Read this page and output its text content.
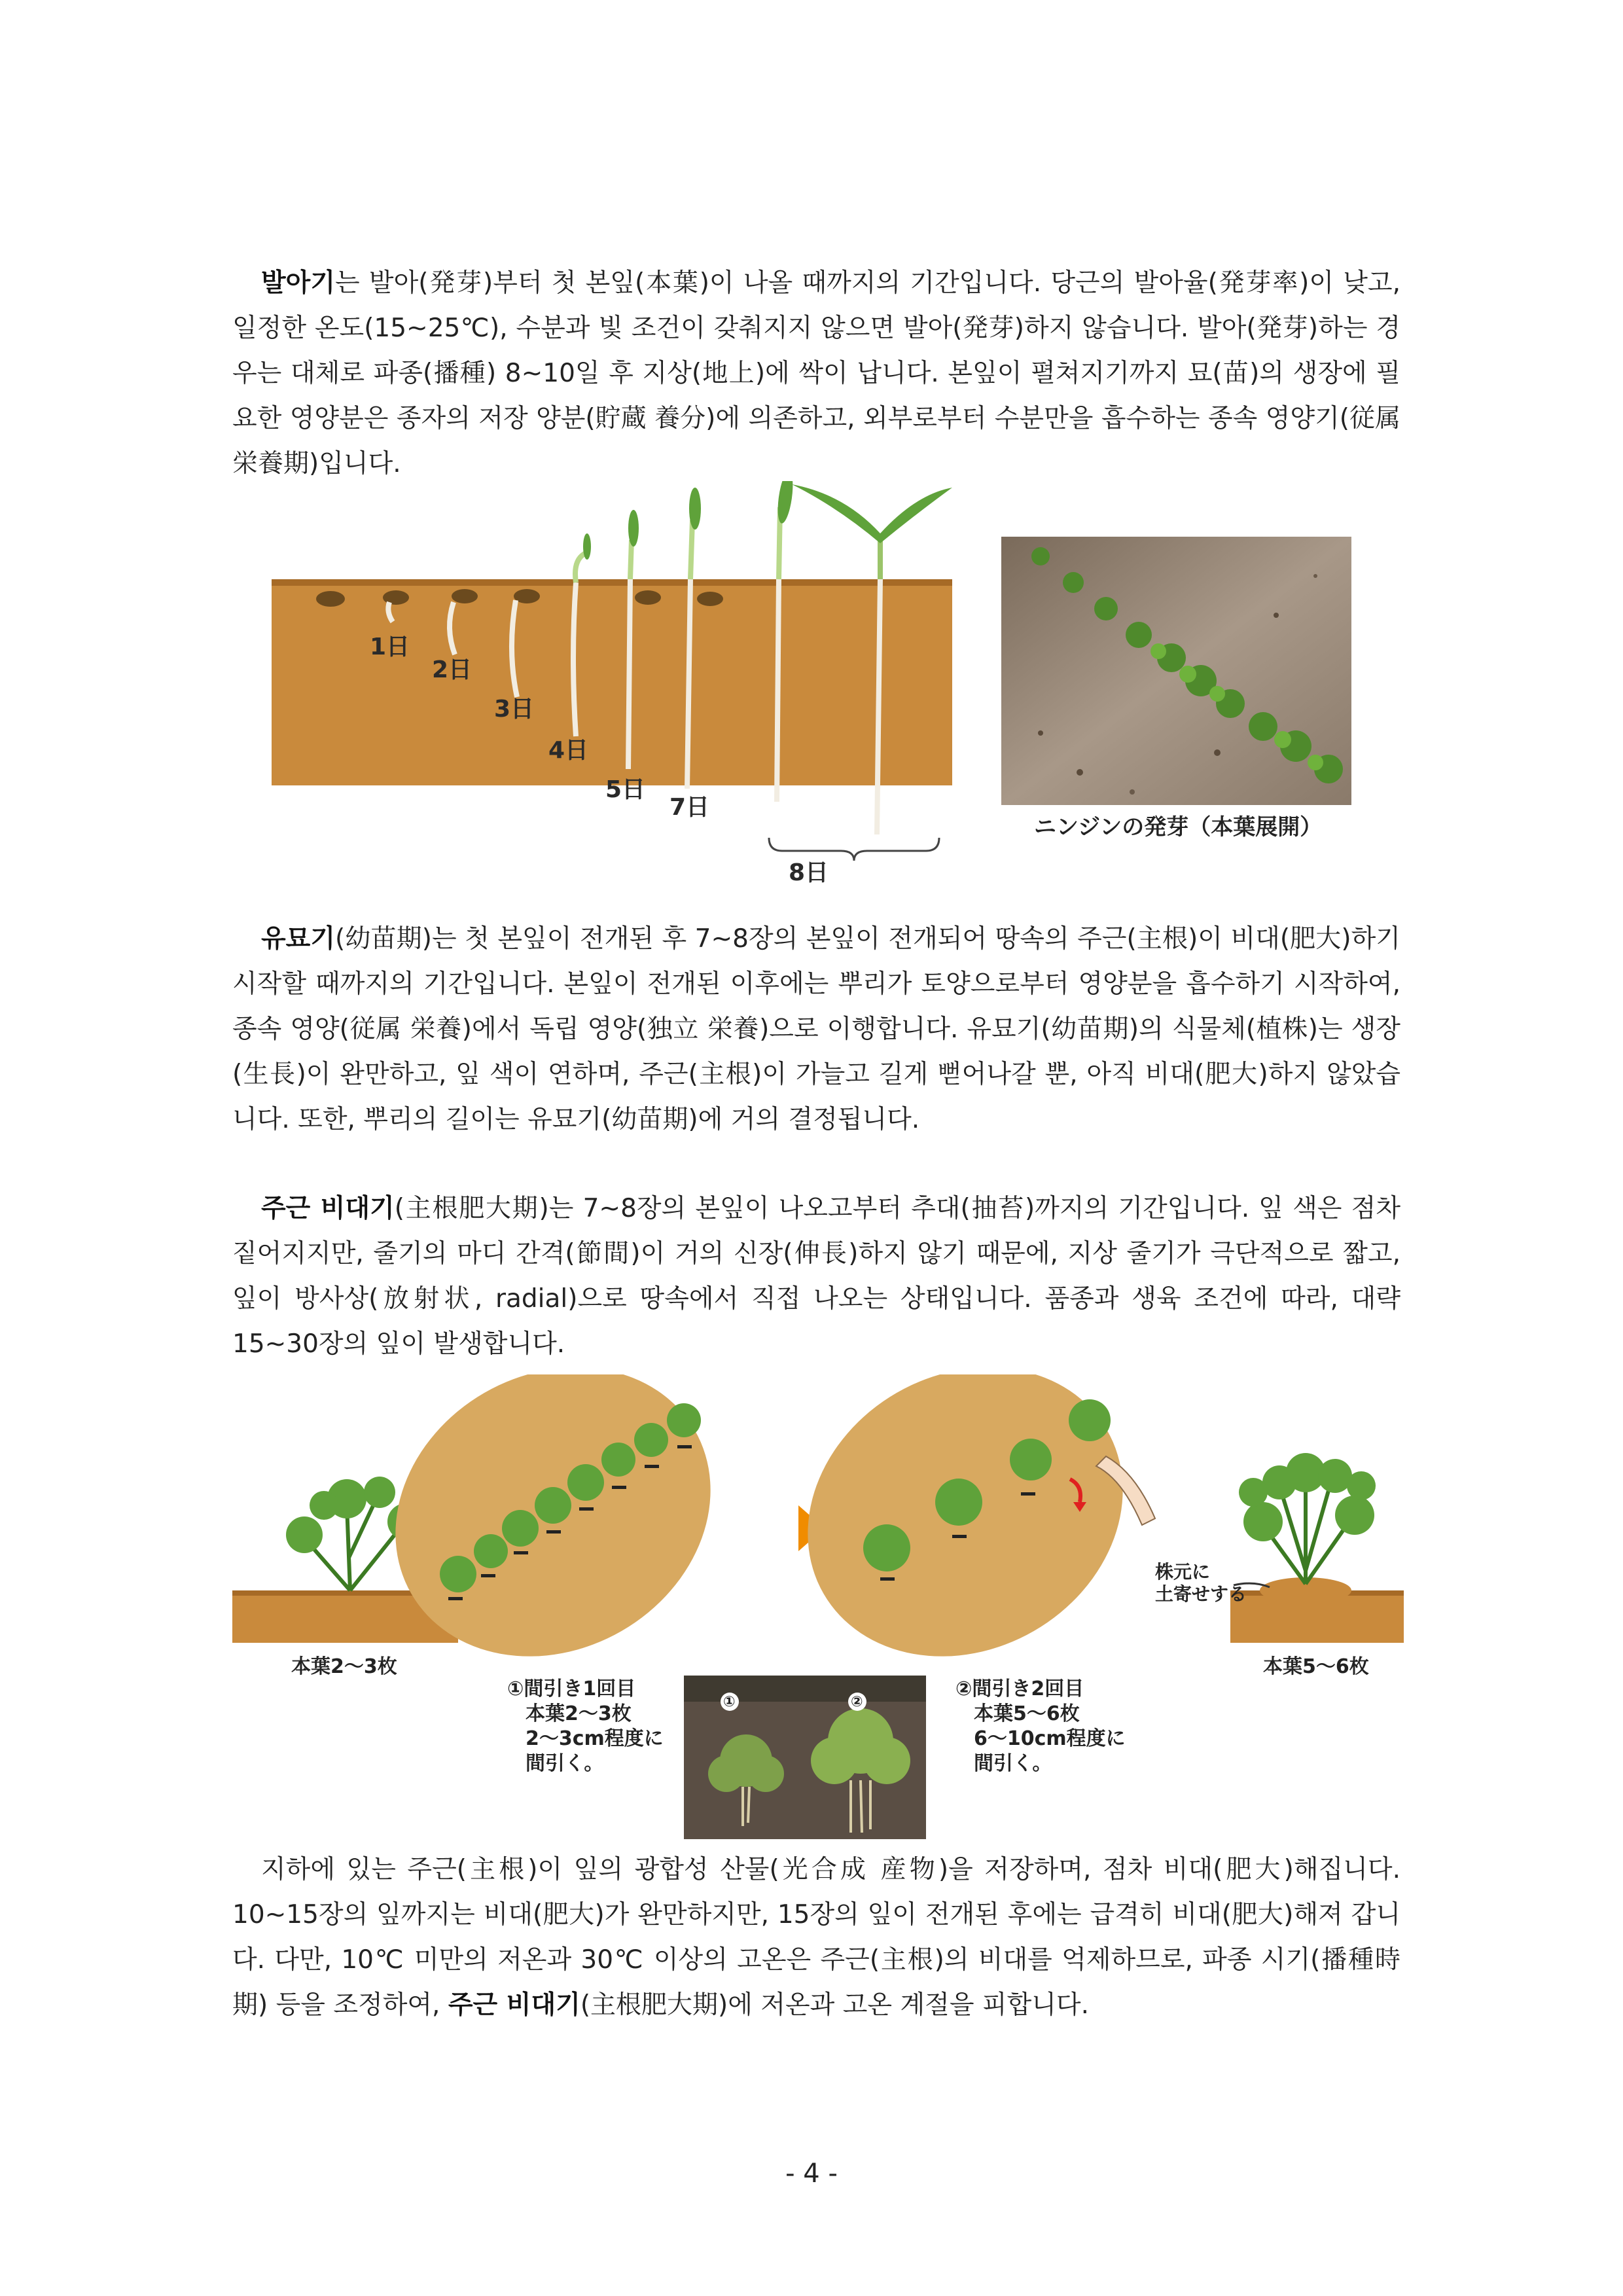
발아기는 발아(発芽)부터 첫 본잎(本葉)이 나올 때까지의 기간입니다. 당근의 발아율(発芽率)이 낮고, 일정한 온도(15~25℃), 수분과 빛 조건이 갖춰지지 않으면 발아(発芽)하지 않습니다. 발아(発芽)하는 경우는 대체로 파종(播種) 8~10일 후 지상(地上)에 싹이 납니다. 본잎이 펼쳐지기까지 묘(苗)의 생장에 필요한 영양분은 종자의 저장 양분(貯蔵 養分)에 의존하고, 외부로부터 수분만을 흡수하는 종속 영양기(従属 栄養期)입니다.

1日
2日
3日
4日
5日
7日
8日
ニンジンの発芽（本葉展開）

유묘기(幼苗期)는 첫 본잎이 전개된 후 7~8장의 본잎이 전개되어 땅속의 주근(主根)이 비대(肥大)하기 시작할 때까지의 기간입니다. 본잎이 전개된 이후에는 뿌리가 토양으로부터 영양분을 흡수하기 시작하여, 종속 영양(従属 栄養)에서 독립 영양(独立 栄養)으로 이행합니다. 유묘기(幼苗期)의 식물체(植株)는 생장(生長)이 완만하고, 잎 색이 연하며, 주근(主根)이 가늘고 길게 뻗어나갈 뿐, 아직 비대(肥大)하지 않았습니다. 또한, 뿌리의 길이는 유묘기(幼苗期)에 거의 결정됩니다.

주근 비대기(主根肥大期)는 7~8장의 본잎이 나오고부터 추대(抽苔)까지의 기간입니다. 잎 색은 점차 짙어지지만, 줄기의 마디 간격(節間)이 거의 신장(伸長)하지 않기 때문에, 지상 줄기가 극단적으로 짧고, 잎이 방사상(放射状, radial)으로 땅속에서 직접 나오는 상태입니다. 품종과 생육 조건에 따라, 대략 15~30장의 잎이 발생합니다.

本葉2〜3枚	本葉5〜6枚
株元に
土寄せする
①間引き1回目
本葉2〜3枚
2〜3cm程度に
間引く。
①	②
②間引き2回目
本葉5〜6枚
6〜10cm程度に
間引く。

지하에 있는 주근(主根)이 잎의 광합성 산물(光合成 産物)을 저장하며, 점차 비대(肥大)해집니다. 10~15장의 잎까지는 비대(肥大)가 완만하지만, 15장의 잎이 전개된 후에는 급격히 비대(肥大)해져 갑니다. 다만, 10℃ 미만의 저온과 30℃ 이상의 고온은 주근(主根)의 비대를 억제하므로, 파종 시기(播種時期) 등을 조정하여, 주근 비대기(主根肥大期)에 저온과 고온 계절을 피합니다.

- 4 -
